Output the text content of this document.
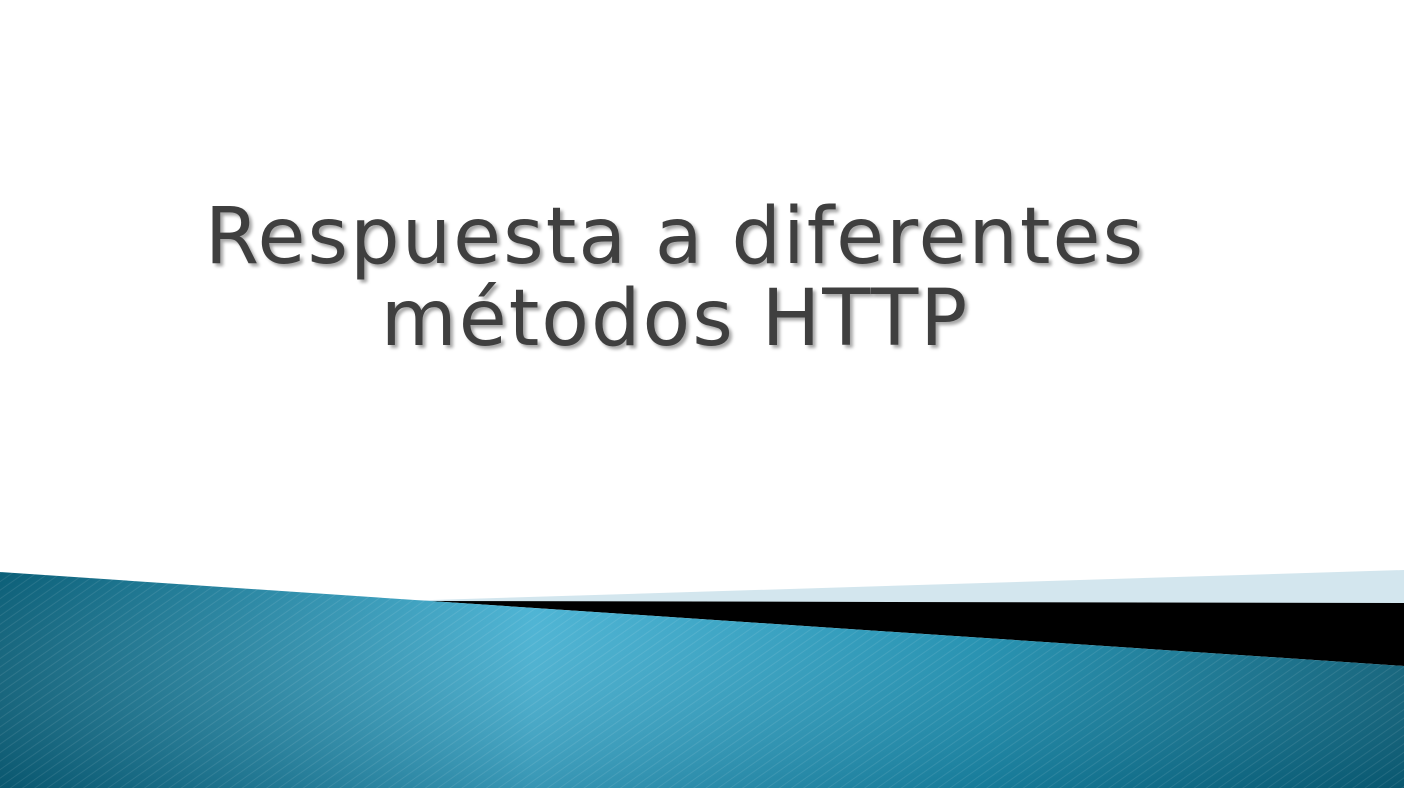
Respuesta a diferentes
métodos HTTP
